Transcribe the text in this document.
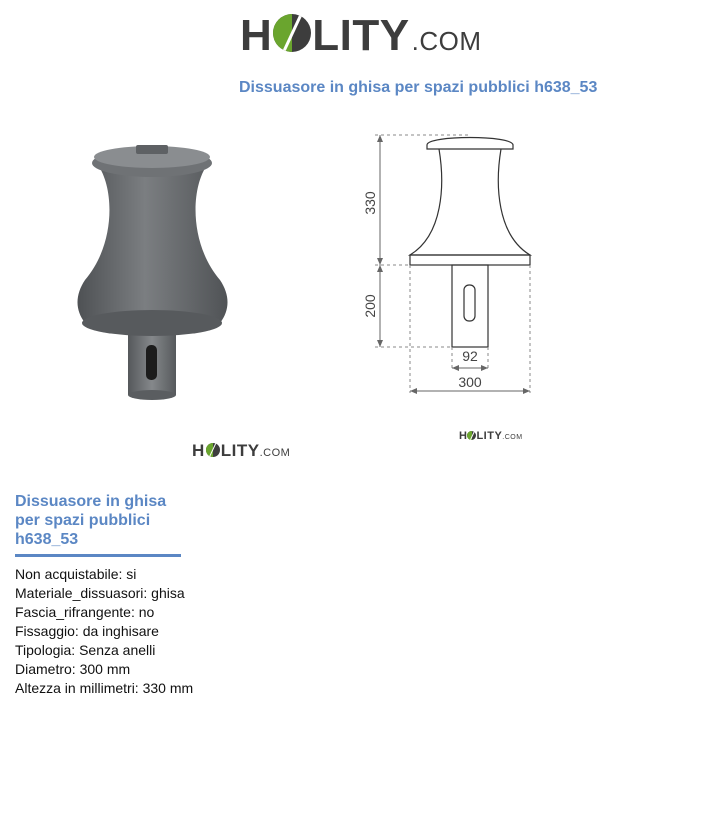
H LITY .COM
Dissuasore in ghisa per spazi pubblici h638_53
H LITY .COM
330
200
92
300
H LITY .COM
Dissuasore in ghisa per spazi pubblici h638_53
Non acquistabile: si
Materiale_dissuasori: ghisa
Fascia_rifrangente: no
Fissaggio: da inghisare
Tipologia: Senza anelli
Diametro: 300 mm
Altezza in millimetri: 330 mm
